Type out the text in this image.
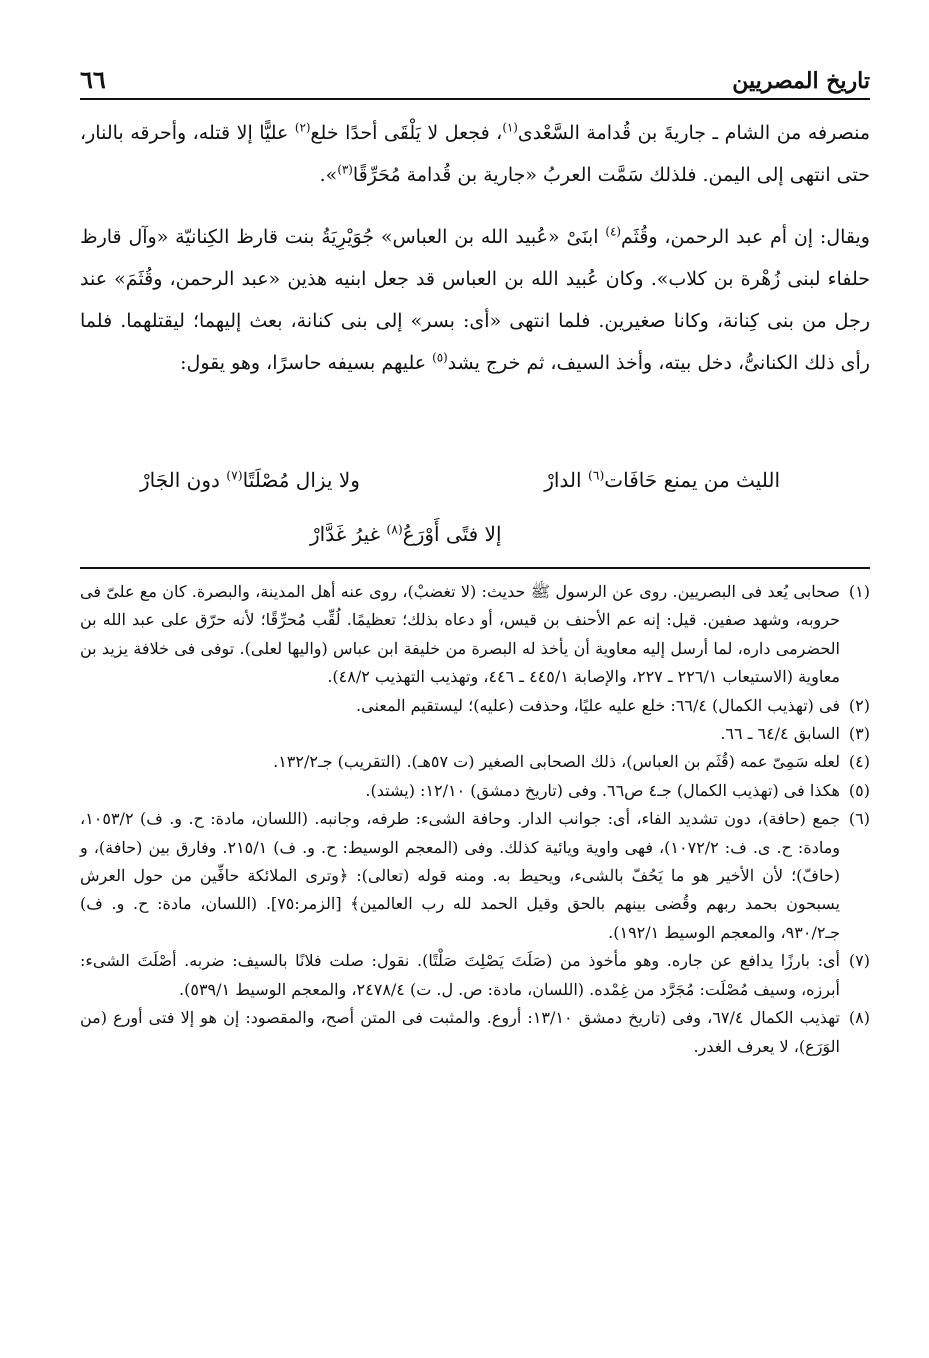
تاريخ المصريين
٦٦

منصرفه من الشام ـ جاريةَ بن قُدامة السَّعْدى$^{(١)}$، فجعل لا يَلْقَى أحدًا خلع$^{(٢)}$ عليًّا إلا قتله، وأحرقه بالنار، حتى انتهى إلى اليمن. فلذلك سَمَّت العربُ «جارية بن قُدامة مُحَرِّقًا$^{(٣)}$».

ويقال: إن أم عبد الرحمن، وقُثَم$^{(٤)}$ ابنَىْ «عُبيد الله بن العباس» جُوَيْرِيَةُ بنت قارظ الكِنانيّة «وآل قارظ حلفاء لبنى زُهْرة بن كلاب». وكان عُبيد الله بن العباس قد جعل ابنيه هذين «عبد الرحمن، وقُثَمَ» عند رجل من بنى كِنانة، وكانا صغيرين. فلما انتهى «أى: بسر» إلى بنى كنانة، بعث إليهما؛ ليقتلهما. فلما رأى ذلك الكنانىُّ، دخل بيته، وأخذ السيف، ثم خرج يشد$^{(٥)}$ عليهم بسيفه حاسرًا، وهو يقول:

الليث من يمنع حَافَات$^{(٦)}$ الدارْ
ولا يزال مُصْلَتًا$^{(٧)}$ دون الجَارْ
إلا فتًى أَوْرَعُ$^{(٨)}$ غيرُ غَدَّارْ
(١)
صحابى يُعد فى البصريين. روى عن الرسول ﷺ حديث: (لا تغضبْ)، روى عنه أهل المدينة، والبصرة. كان مع علىّ فى حروبه، وشهد صفين. قيل: إنه عم الأحنف بن قيس، أو دعاه بذلك؛ تعظيمًا. لُقِّب مُحرِّقًا؛ لأنه حرّق على عبد الله بن الحضرمى داره، لما أرسل إليه معاوية أن يأخذ له البصرة من خليفة ابن عباس (واليها لعلى). توفى فى خلافة يزيد بن معاوية (الاستيعاب ٢٢٦/١ ـ ٢٢٧، والإصابة ٤٤٥/١ ـ ٤٤٦، وتهذيب التهذيب ٤٨/٢).
(٢)
فى (تهذيب الكمال) ٦٦/٤: خلع عليه عليًا، وحذفت (عليه)؛ ليستقيم المعنى.
(٣)
السابق ٦٤/٤ ـ ٦٦.
(٤)
لعله سَمِىّ عمه (قُثَم بن العباس)، ذلك الصحابى الصغير (ت ٥٧هـ). (التقريب) جـ١٣٢/٢.
(٥)
هكذا فى (تهذيب الكمال) جـ٤ ص٦٦. وفى (تاريخ دمشق) ١٢/١٠: (يشتد).
(٦)
جمع (حافة)، دون تشديد الفاء، أى: جوانب الدار. وحافة الشىء: طرفه، وجانبه. (اللسان، مادة: ح. و. ف) ١٠٥٣/٢، ومادة: ح. ى. ف: ١٠٧٢/٢)، فهى واوية ويائية كذلك. وفى (المعجم الوسيط: ح. و. ف) ٢١٥/١. وفارق بين (حافة)، و (حافّ)؛ لأن الأخير هو ما يَحُفّ بالشىء، ويحيط به. ومنه قوله (تعالى): ﴿وترى الملائكة حافِّين من حول العرش يسبحون بحمد ربهم وقُضى بينهم بالحق وقيل الحمد لله رب العالمين﴾ [الزمر:٧٥]. (اللسان، مادة: ح. و. ف) جـ٩٣٠/٢، والمعجم الوسيط ١٩٢/١).
(٧)
أى: بارزًا يدافع عن جاره. وهو مأخوذ من (صَلَتَ يَصْلِتَ صَلْتًا). نقول: صلت فلانًا بالسيف: ضربه. أصْلَتَ الشىء: أبرزه، وسيف مُصْلَت: مُجَرَّد من غِمْده. (اللسان، مادة: ص. ل. ت) ٢٤٧٨/٤، والمعجم الوسيط ٥٣٩/١).
(٨)
تهذيب الكمال ٦٧/٤، وفى (تاريخ دمشق ١٣/١٠: أروع. والمثبت فى المتن أصح، والمقصود: إن هو إلا فتى أورع (من الوَرَع)، لا يعرف الغدر.
